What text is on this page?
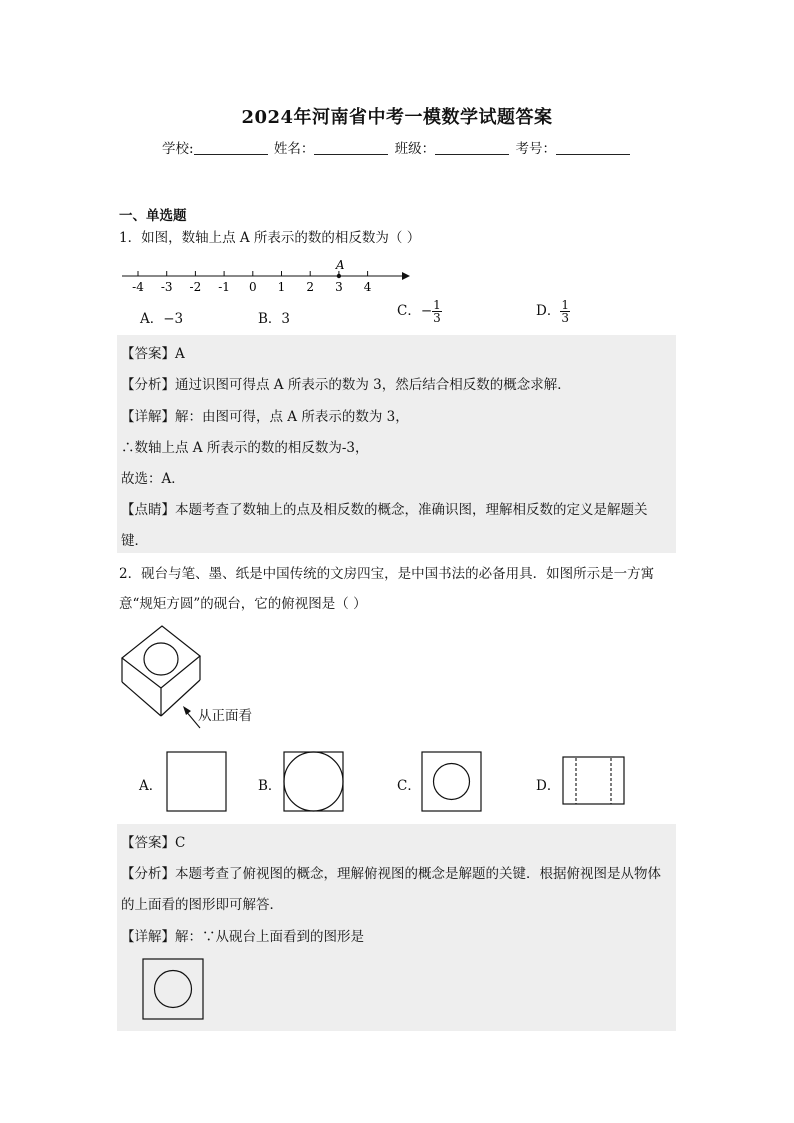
2024年河南省中考一模数学试题答案
学校:	姓名：	班级：	考号：
一、单选题
1．如图，数轴上点 A 所表示的数的相反数为（ ）
-4 -3 -2 -1 0 1 2 3 4
A
A．−3	B．3	C．− $\frac{1}{3}$	D． $\frac{1}{3}$
【答案】A
【分析】通过识图可得点 A 所表示的数为 3，然后结合相反数的概念求解．
【详解】解：由图可得，点 A 所表示的数为 3，
∴数轴上点 A 所表示的数的相反数为-3，
故选：A．
【点睛】本题考查了数轴上的点及相反数的概念，准确识图，理解相反数的定义是解题关
键．
2．砚台与笔、墨、纸是中国传统的文房四宝，是中国书法的必备用具．如图所示是一方寓
意“规矩方圆”的砚台，它的俯视图是（ ）
从正面看
A．	B．	C．	D．
【答案】C
【分析】本题考查了俯视图的概念，理解俯视图的概念是解题的关键．根据俯视图是从物体
的上面看的图形即可解答．
【详解】解：∵从砚台上面看到的图形是
